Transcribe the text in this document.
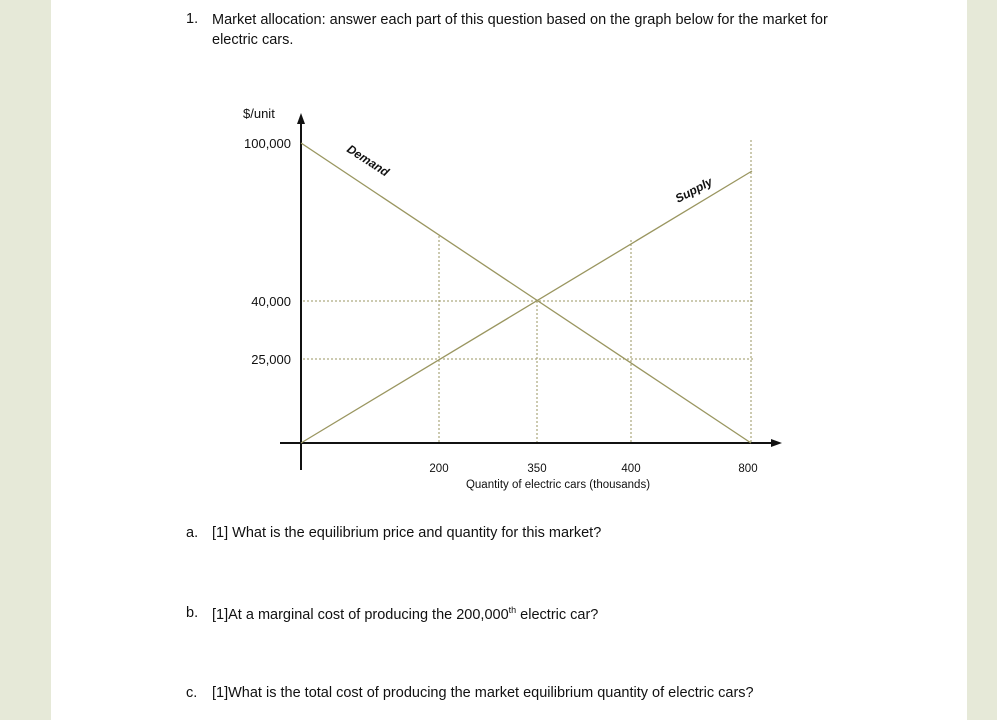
1. Market allocation: answer each part of this question based on the graph below for the market for electric cars.
Demand
Supply
$/unit
100,000
40,000
25,000
200	350	400	800
Quantity of electric cars (thousands)
a. [1] What is the equilibrium price and quantity for this market?
b. [1]At a marginal cost of producing the 200,000th electric car?
c. [1]What is the total cost of producing the market equilibrium quantity of electric cars?
